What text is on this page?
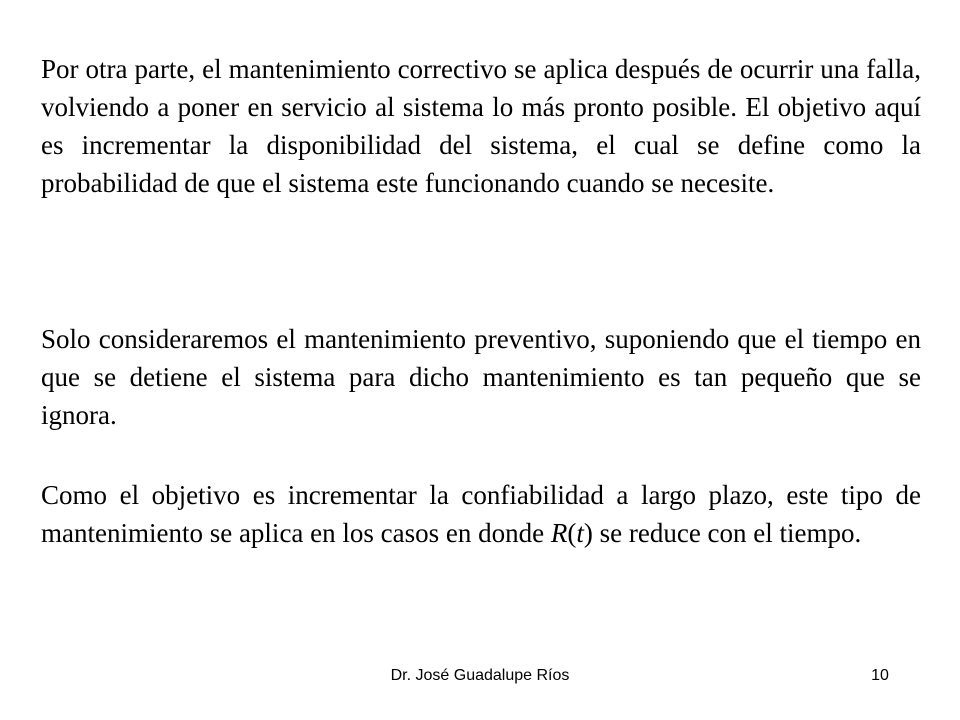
Por otra parte, el mantenimiento correctivo se aplica después de ocurrir una falla, volviendo a poner en servicio al sistema lo más pronto posible. El objetivo aquí es incrementar la disponibilidad del sistema, el cual se define como la probabilidad de que el sistema este funcionando cuando se necesite.

Solo consideraremos el mantenimiento preventivo, suponiendo que el tiempo en que se detiene el sistema para dicho mantenimiento es tan pequeño que se ignora.

Como el objetivo es incrementar la confiabilidad a largo plazo, este tipo de mantenimiento se aplica en los casos en donde R(t) se reduce con el tiempo.

Dr. José Guadalupe Ríos	10
